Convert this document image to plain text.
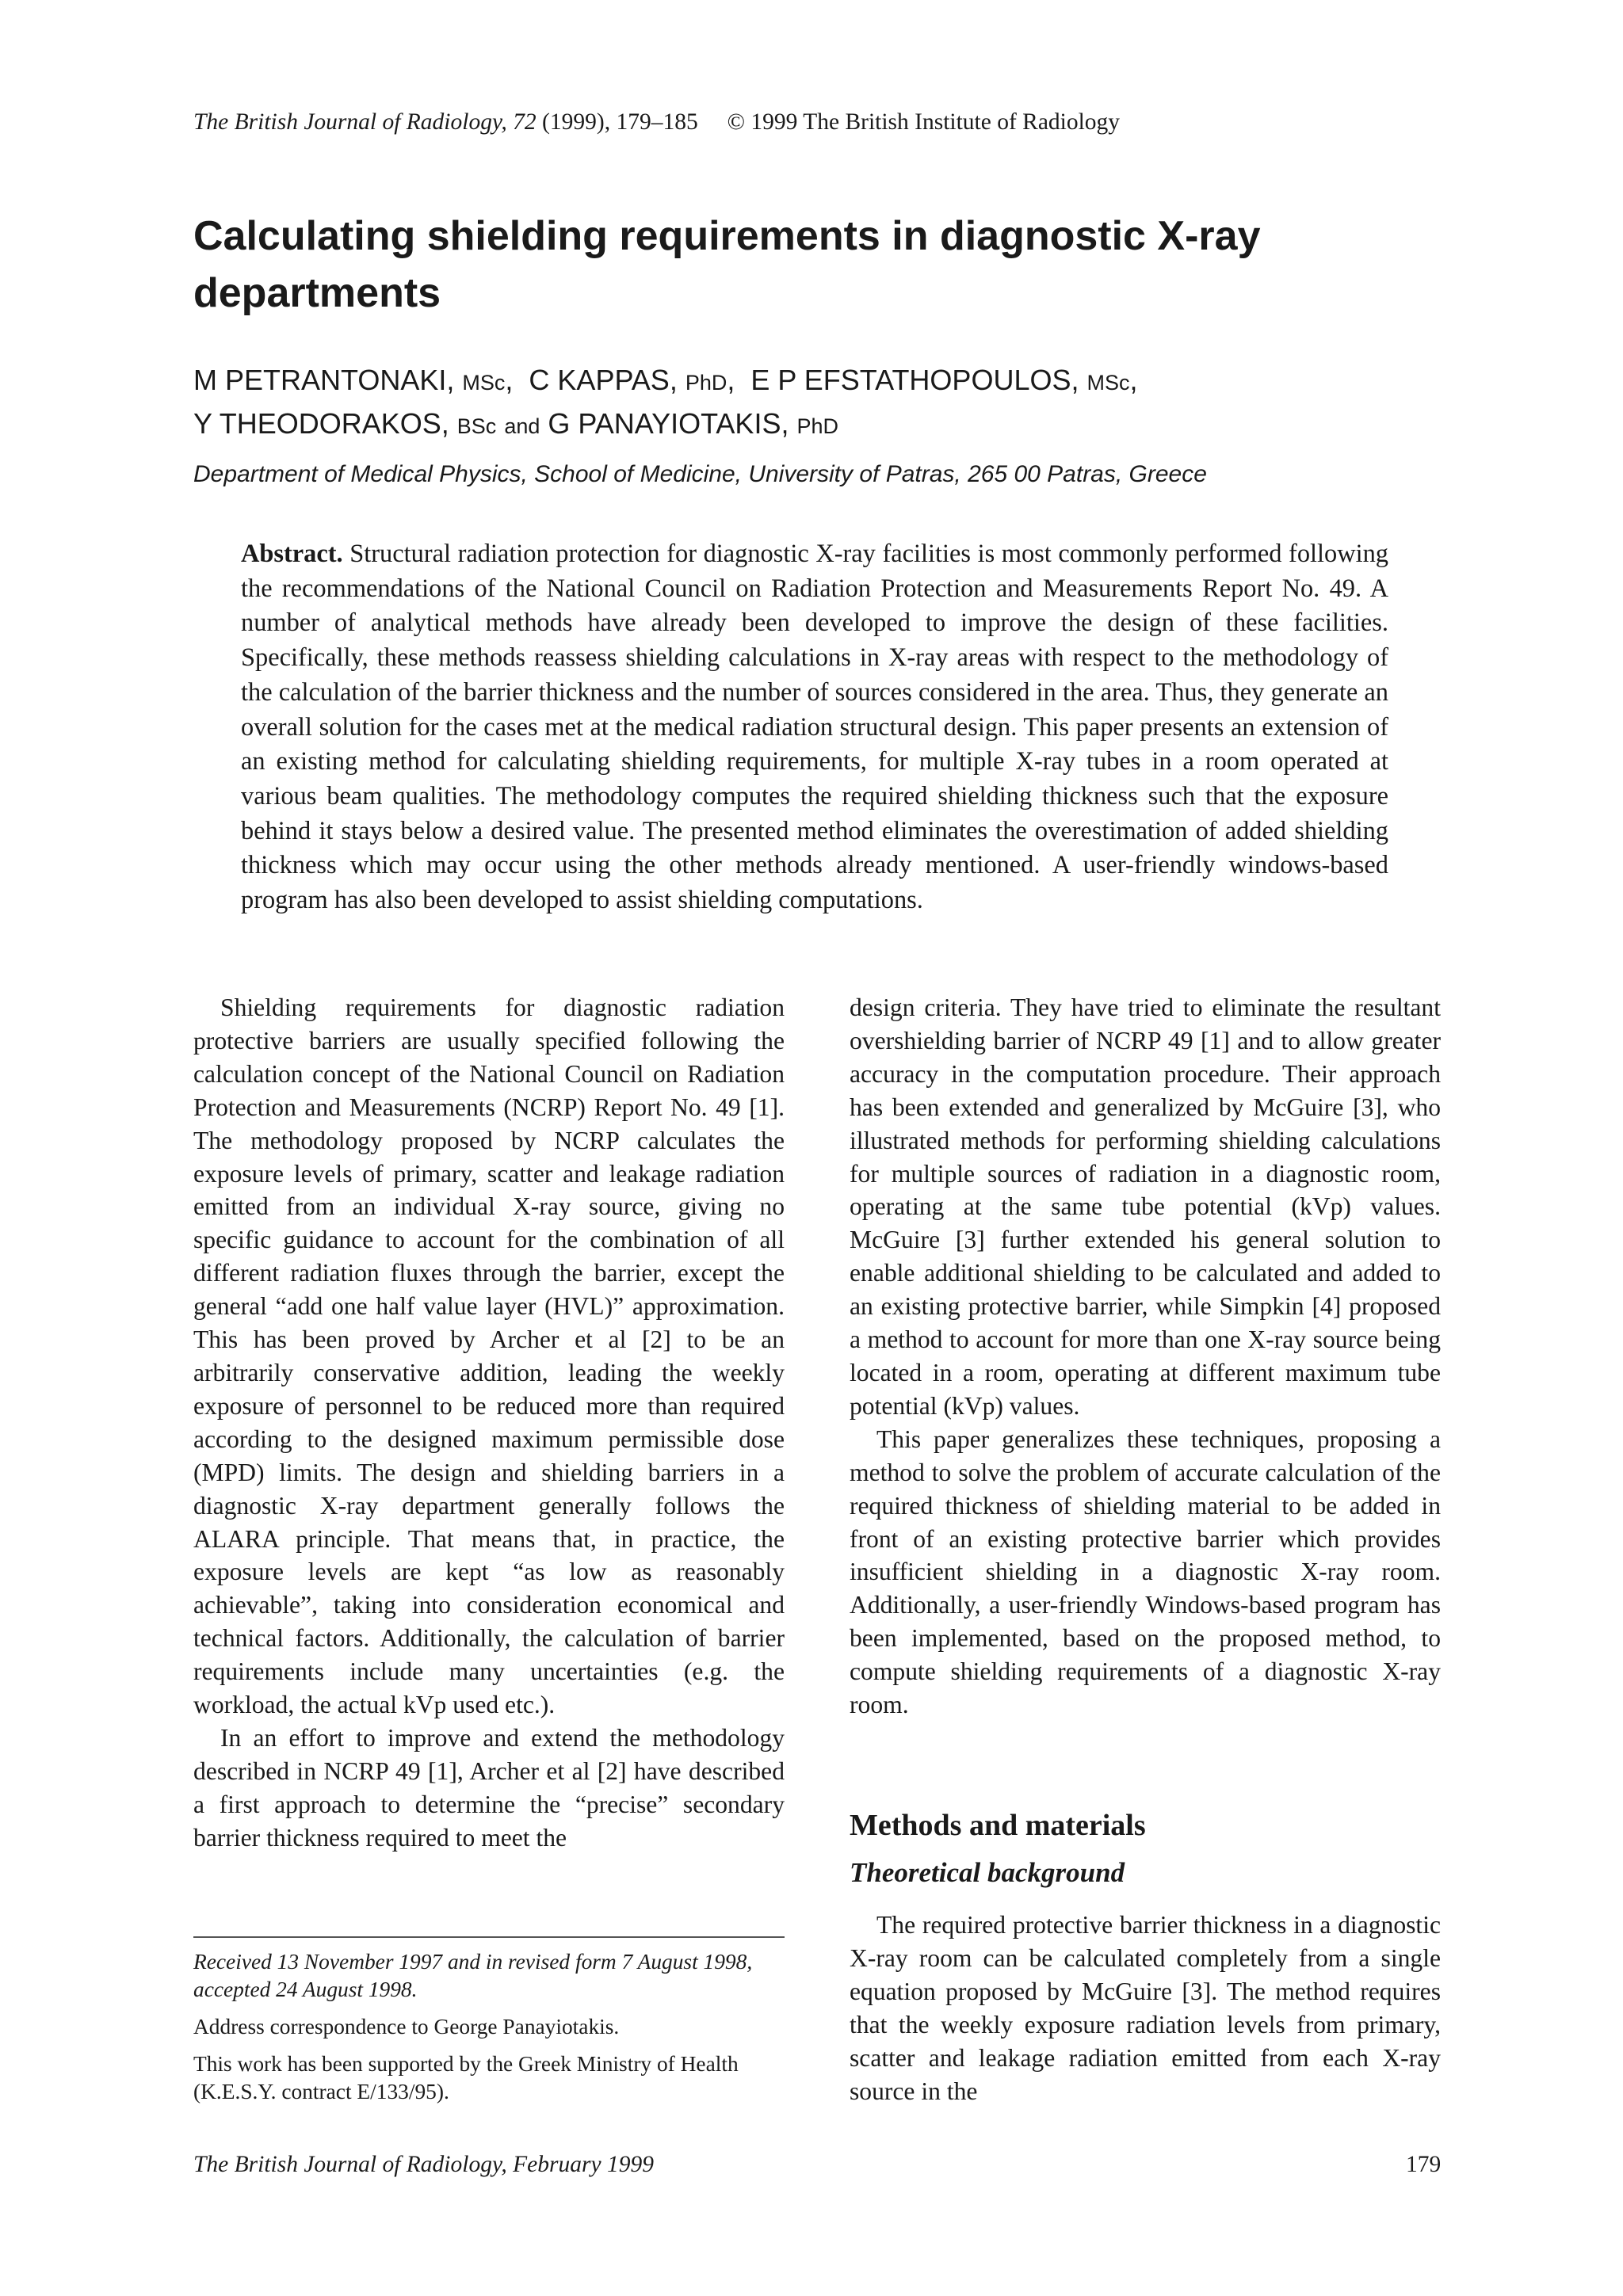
The British Journal of Radiology, 72 (1999), 179–185 © 1999 The British Institute of Radiology
Calculating shielding requirements in diagnostic X-ray departments
M PETRANTONAKI, MSc,  C KAPPAS, PhD,  E P EFSTATHOPOULOS, MSc,
Y THEODORAKOS, BSc and G PANAYIOTAKIS, PhD
Department of Medical Physics, School of Medicine, University of Patras, 265 00 Patras, Greece

Abstract. Structural radiation protection for diagnostic X-ray facilities is most commonly performed following the recommendations of the National Council on Radiation Protection and Measurements Report No. 49. A number of analytical methods have already been developed to improve the design of these facilities. Specifically, these methods reassess shielding calculations in X-ray areas with respect to the methodology of the calculation of the barrier thickness and the number of sources considered in the area. Thus, they generate an overall solution for the cases met at the medical radiation structural design. This paper presents an extension of an existing method for calculating shielding requirements, for multiple X-ray tubes in a room operated at various beam qualities. The methodology computes the required shielding thickness such that the exposure behind it stays below a desired value. The presented method eliminates the overestimation of added shielding thickness which may occur using the other methods already mentioned. A user-friendly windows-based program has also been developed to assist shielding computations.

Shielding requirements for diagnostic radiation protective barriers are usually specified following the calculation concept of the National Council on Radiation Protection and Measurements (NCRP) Report No. 49 [1]. The methodology proposed by NCRP calculates the exposure levels of primary, scatter and leakage radiation emitted from an individual X-ray source, giving no specific guidance to account for the combination of all different radiation fluxes through the barrier, except the general “add one half value layer (HVL)” approximation. This has been proved by Archer et al [2] to be an arbitrarily conservative addition, leading the weekly exposure of personnel to be reduced more than required according to the designed maximum permissible dose (MPD) limits. The design and shielding barriers in a diagnostic X-ray department generally follows the ALARA principle. That means that, in practice, the exposure levels are kept “as low as reasonably achievable”, taking into consideration economical and technical factors. Additionally, the calculation of barrier requirements include many uncertainties (e.g. the workload, the actual kVp used etc.).

In an effort to improve and extend the methodology described in NCRP 49 [1], Archer et al [2] have described a first approach to determine the “precise” secondary barrier thickness required to meet the

Received 13 November 1997 and in revised form 7 August 1998, accepted 24 August 1998.

Address correspondence to George Panayiotakis.

This work has been supported by the Greek Ministry of Health (K.E.S.Y. contract E/133/95).

design criteria. They have tried to eliminate the resultant overshielding barrier of NCRP 49 [1] and to allow greater accuracy in the computation procedure. Their approach has been extended and generalized by McGuire [3], who illustrated methods for performing shielding calculations for multiple sources of radiation in a diagnostic room, operating at the same tube potential (kVp) values. McGuire [3] further extended his general solution to enable additional shielding to be calculated and added to an existing protective barrier, while Simpkin [4] proposed a method to account for more than one X-ray source being located in a room, operating at different maximum tube potential (kVp) values.

This paper generalizes these techniques, proposing a method to solve the problem of accurate calculation of the required thickness of shielding material to be added in front of an existing protective barrier which provides insufficient shielding in a diagnostic X-ray room. Additionally, a user-friendly Windows-based program has been implemented, based on the proposed method, to compute shielding requirements of a diagnostic X-ray room.

Methods and materials
Theoretical background

The required protective barrier thickness in a diagnostic X-ray room can be calculated completely from a single equation proposed by McGuire [3]. The method requires that the weekly exposure radiation levels from primary, scatter and leakage radiation emitted from each X-ray source in the

The British Journal of Radiology, February 1999	179
